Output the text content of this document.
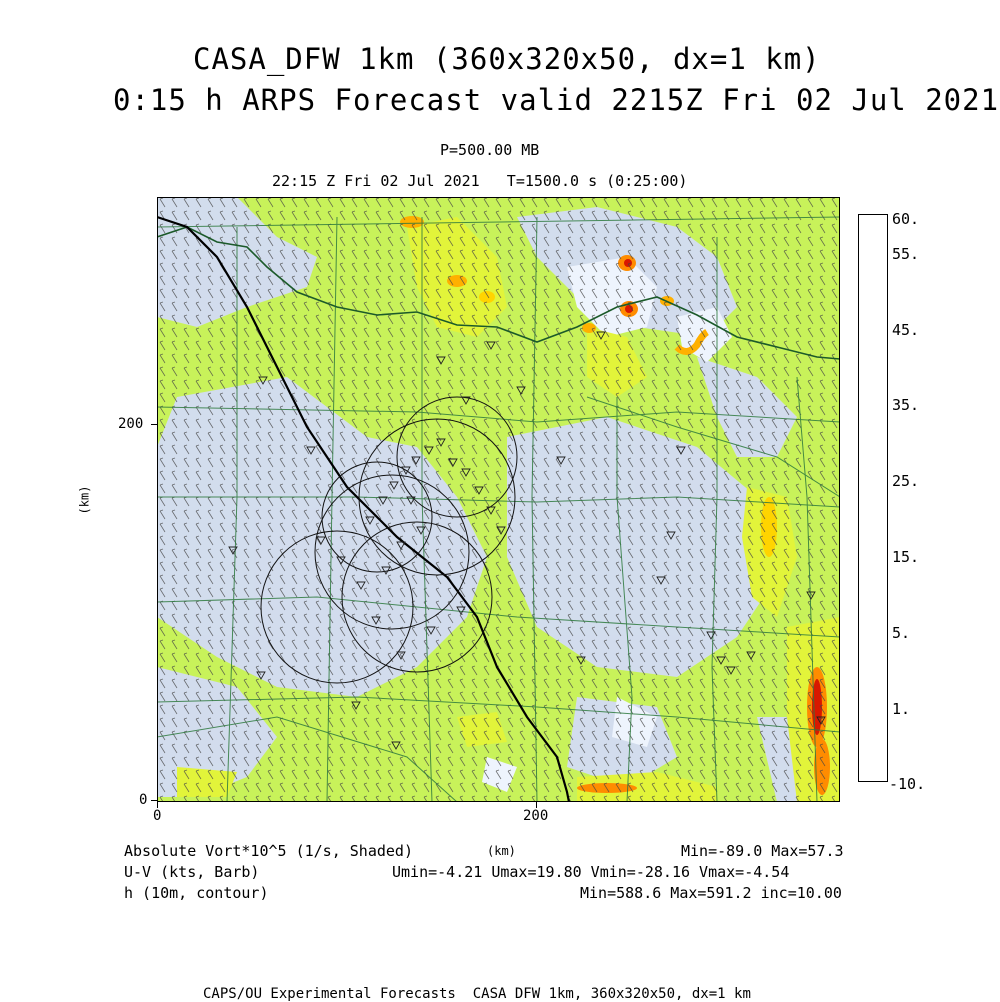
CASA_DFW 1km (360x320x50, dx=1 km)
0:15 h ARPS Forecast valid 2215Z Fri 02 Jul 2021
P=500.00 MB
22:15 Z Fri 02 Jul 2021   T=1500.0 s (0:25:00)
200
0
0	200
(km)
(km)
60.
55.
45.
35.
25.
15.
5.
1.
-10.
Absolute Vort*10^5 (1/s, Shaded)
U-V (kts, Barb)
h (10m, contour)
Min=-89.0 Max=57.3
Umin=-4.21 Umax=19.80 Vmin=-28.16 Vmax=-4.54
Min=588.6 Max=591.2 inc=10.00
CAPS/OU Experimental Forecasts  CASA DFW 1km, 360x320x50, dx=1 km
